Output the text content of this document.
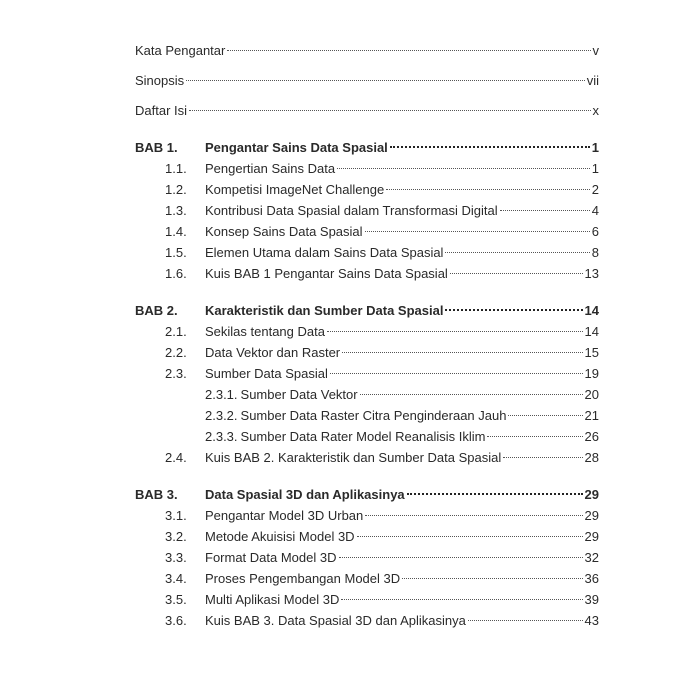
Kata Pengantar	v
Sinopsis	vii
Daftar Isi	x
BAB 1.	Pengantar Sains Data Spasial	1
1.1.	Pengertian Sains Data	1
1.2.	Kompetisi ImageNet Challenge	2
1.3.	Kontribusi Data Spasial dalam Transformasi Digital	4
1.4.	Konsep Sains Data Spasial	6
1.5.	Elemen Utama dalam Sains Data Spasial	8
1.6.	Kuis BAB 1 Pengantar Sains Data Spasial	13
BAB 2.	Karakteristik dan Sumber Data Spasial	14
2.1.	Sekilas tentang Data	14
2.2.	Data Vektor dan Raster	15
2.3.	Sumber Data Spasial	19
2.3.1. Sumber Data Vektor	20
2.3.2. Sumber Data Raster Citra Penginderaan Jauh	21
2.3.3. Sumber Data Rater Model Reanalisis Iklim	26
2.4.	Kuis BAB 2. Karakteristik dan Sumber Data Spasial	28
BAB 3.	Data Spasial 3D dan Aplikasinya	29
3.1.	Pengantar Model 3D Urban	29
3.2.	Metode Akuisisi Model 3D	29
3.3.	Format Data Model 3D	32
3.4.	Proses Pengembangan Model 3D	36
3.5.	Multi Aplikasi Model 3D	39
3.6.	Kuis BAB 3. Data Spasial 3D dan Aplikasinya	43
